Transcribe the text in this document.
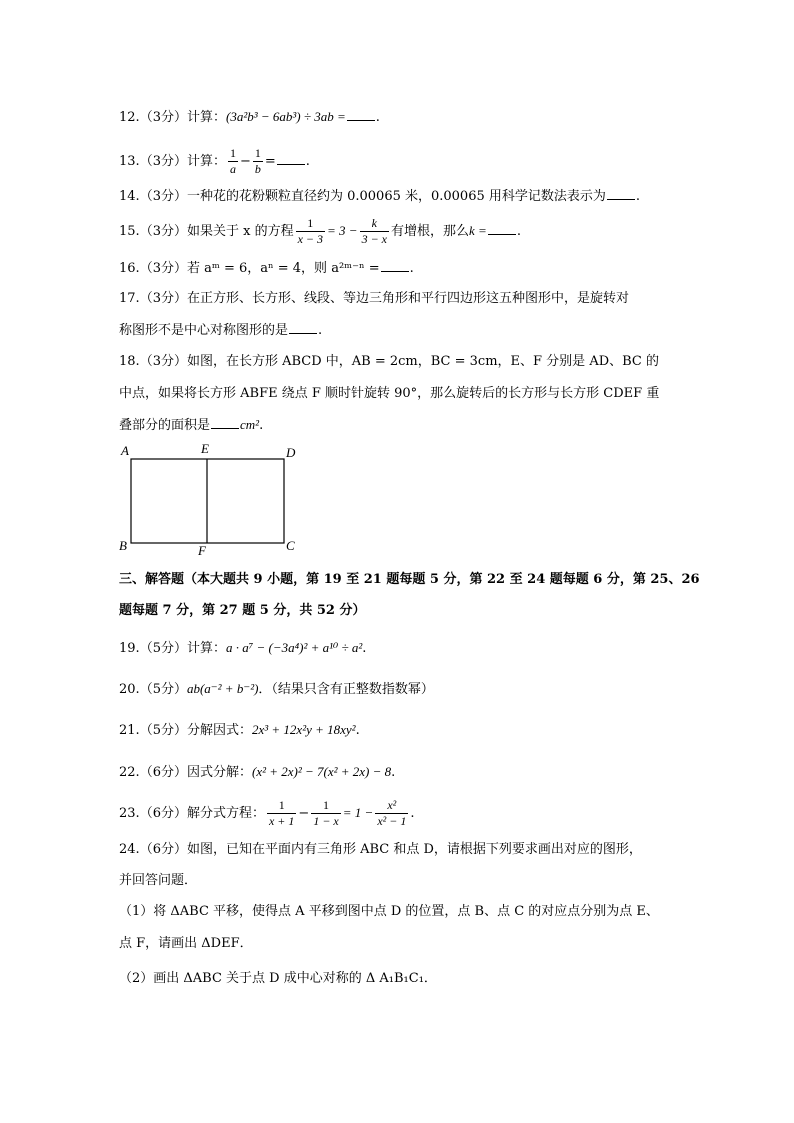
12.（3分）计算：(3a²b³ − 6ab³) ÷ 3ab = .
13.（3分）计算： $\frac{1}{a} - \frac{1}{b}$ = .
14.（3分）一种花的花粉颗粒直径约为 0.00065 米，0.00065 用科学记数法表示为 .
15.（3分）如果关于 x 的方程 $\frac{1}{x - 3} = 3 - \frac{k}{3 - x}$ 有增根，那么k = .
16.（3分）若 aᵐ = 6，aⁿ = 4，则 a²ᵐ⁻ⁿ = .
17.（3分）在正方形、长方形、线段、等边三角形和平行四边形这五种图形中，是旋转对
称图形不是中心对称图形的是 .
18.（3分）如图，在长方形 ABCD 中，AB = 2cm，BC = 3cm，E、F 分别是 AD、BC 的
中点，如果将长方形 ABFE 绕点 F 顺时针旋转 90°，那么旋转后的长方形与长方形 CDEF 重
叠部分的面积是 cm².
A	E	D
B	F	C
三、解答题（本大题共 9 小题，第 19 至 21 题每题 5 分，第 22 至 24 题每题 6 分，第 25、26
题每题 7 分，第 27 题 5 分，共 52 分）
19.（5分）计算：a · a⁷ − (−3a⁴)² + a¹⁰ ÷ a².
20.（5分）ab(a⁻² + b⁻²)．（结果只含有正整数指数幂）
21.（5分）分解因式：2x³ + 12x²y + 18xy².
22.（6分）因式分解：(x² + 2x)² − 7(x² + 2x) − 8.
23.（6分）解分式方程： $\frac{1}{x + 1} - \frac{1}{1 - x} = 1 - \frac{\text{x²}}{\text{x² − 1}}$ .
24.（6分）如图，已知在平面内有三角形 ABC 和点 D，请根据下列要求画出对应的图形，
并回答问题．
（1）将 ΔABC 平移，使得点 A 平移到图中点 D 的位置，点 B、点 C 的对应点分别为点 E、
点 F，请画出 ΔDEF．
（2）画出 ΔABC 关于点 D 成中心对称的 Δ A₁B₁C₁．
